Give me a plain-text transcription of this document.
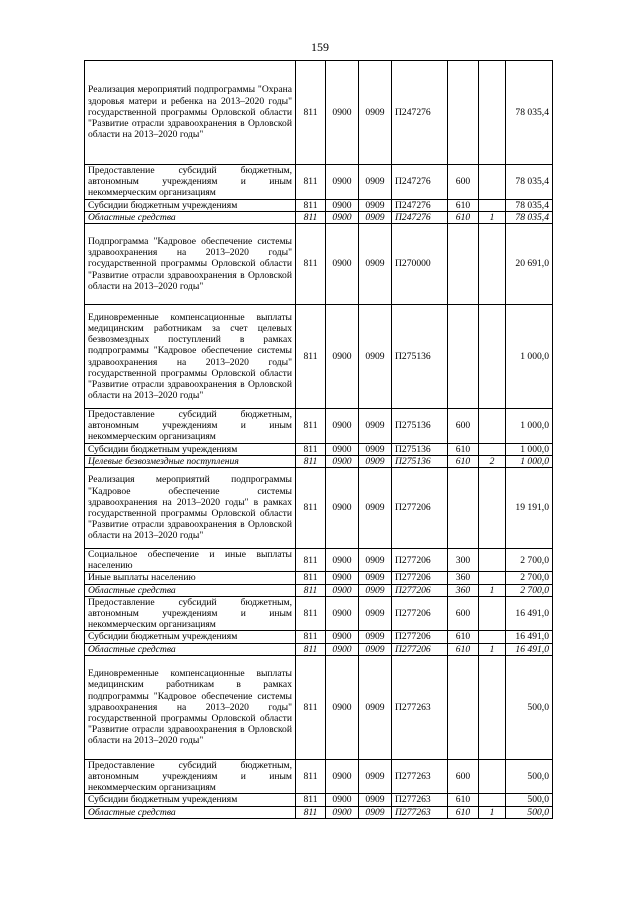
159
Реализация мероприятий подпрограммы "Охрана здоровья матери и ребенка на 2013–2020 годы" государственной программы Орловской области "Развитие отрасли здравоохранения в Орловской области на 2013–2020 годы"	811	0900	0909	П247276			78 035,4
Предоставление субсидий бюджетным, автономным учреждениям и иным некоммерческим организациям	811	0900	0909	П247276	600		78 035,4
Субсидии бюджетным учреждениям	811	0900	0909	П247276	610		78 035,4
Областные средства	811	0900	0909	П247276	610	1	78 035,4
Подпрограмма "Кадровое обеспечение системы здравоохранения на 2013–2020 годы" государственной программы Орловской области "Развитие отрасли здравоохранения в Орловской области на 2013–2020 годы"	811	0900	0909	П270000			20 691,0
Единовременные компенсационные выплаты медицинским работникам за счет целевых безвозмездных поступлений в рамках подпрограммы "Кадровое обеспечение системы здравоохранения на 2013–2020 годы" государственной программы Орловской области "Развитие отрасли здравоохранения в Орловской области на 2013–2020 годы"	811	0900	0909	П275136			1 000,0
Предоставление субсидий бюджетным, автономным учреждениям и иным некоммерческим организациям	811	0900	0909	П275136	600		1 000,0
Субсидии бюджетным учреждениям	811	0900	0909	П275136	610		1 000,0
Целевые безвозмездные поступления	811	0900	0909	П275136	610	2	1 000,0
Реализация мероприятий подпрограммы "Кадровое обеспечение системы здравоохранения на 2013–2020 годы" в рамках государственной программы Орловской области "Развитие отрасли здравоохранения в Орловской области на 2013–2020 годы"	811	0900	0909	П277206			19 191,0
Социальное обеспечение и иные выплаты населению	811	0900	0909	П277206	300		2 700,0
Иные выплаты населению	811	0900	0909	П277206	360		2 700,0
Областные средства	811	0900	0909	П277206	360	1	2 700,0
Предоставление субсидий бюджетным, автономным учреждениям и иным некоммерческим организациям	811	0900	0909	П277206	600		16 491,0
Субсидии бюджетным учреждениям	811	0900	0909	П277206	610		16 491,0
Областные средства	811	0900	0909	П277206	610	1	16 491,0
Единовременные компенсационные выплаты медицинским работникам в рамках подпрограммы "Кадровое обеспечение системы здравоохранения на 2013–2020 годы" государственной программы Орловской области "Развитие отрасли здравоохранения в Орловской области на 2013–2020 годы"	811	0900	0909	П277263			500,0
Предоставление субсидий бюджетным, автономным учреждениям и иным некоммерческим организациям	811	0900	0909	П277263	600		500,0
Субсидии бюджетным учреждениям	811	0900	0909	П277263	610		500,0
Областные средства	811	0900	0909	П277263	610	1	500,0
